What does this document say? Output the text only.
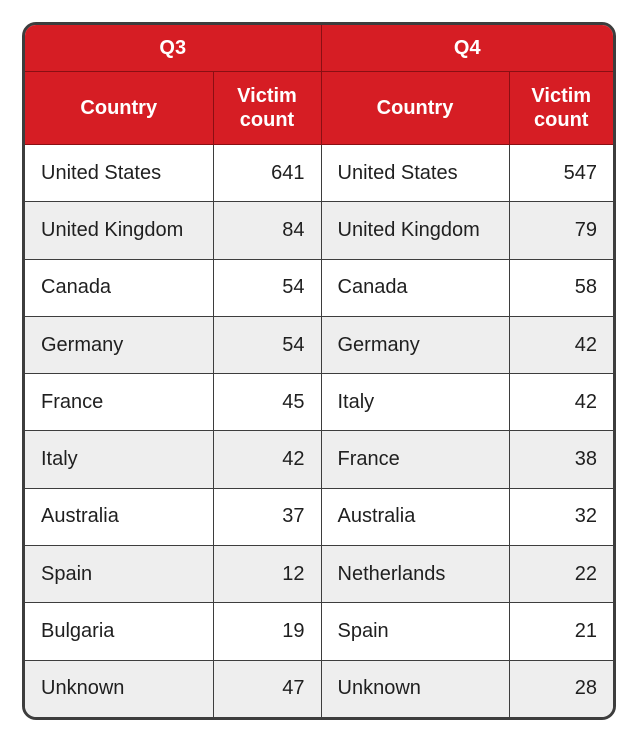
Q3		Q4	
Country	Victim count	Country	Victim count
United States	641	United States	547
United Kingdom	84	United Kingdom	79
Canada	54	Canada	58
Germany	54	Germany	42
France	45	Italy	42
Italy	42	France	38
Australia	37	Australia	32
Spain	12	Netherlands	22
Bulgaria	19	Spain	21
Unknown	47	Unknown	28
